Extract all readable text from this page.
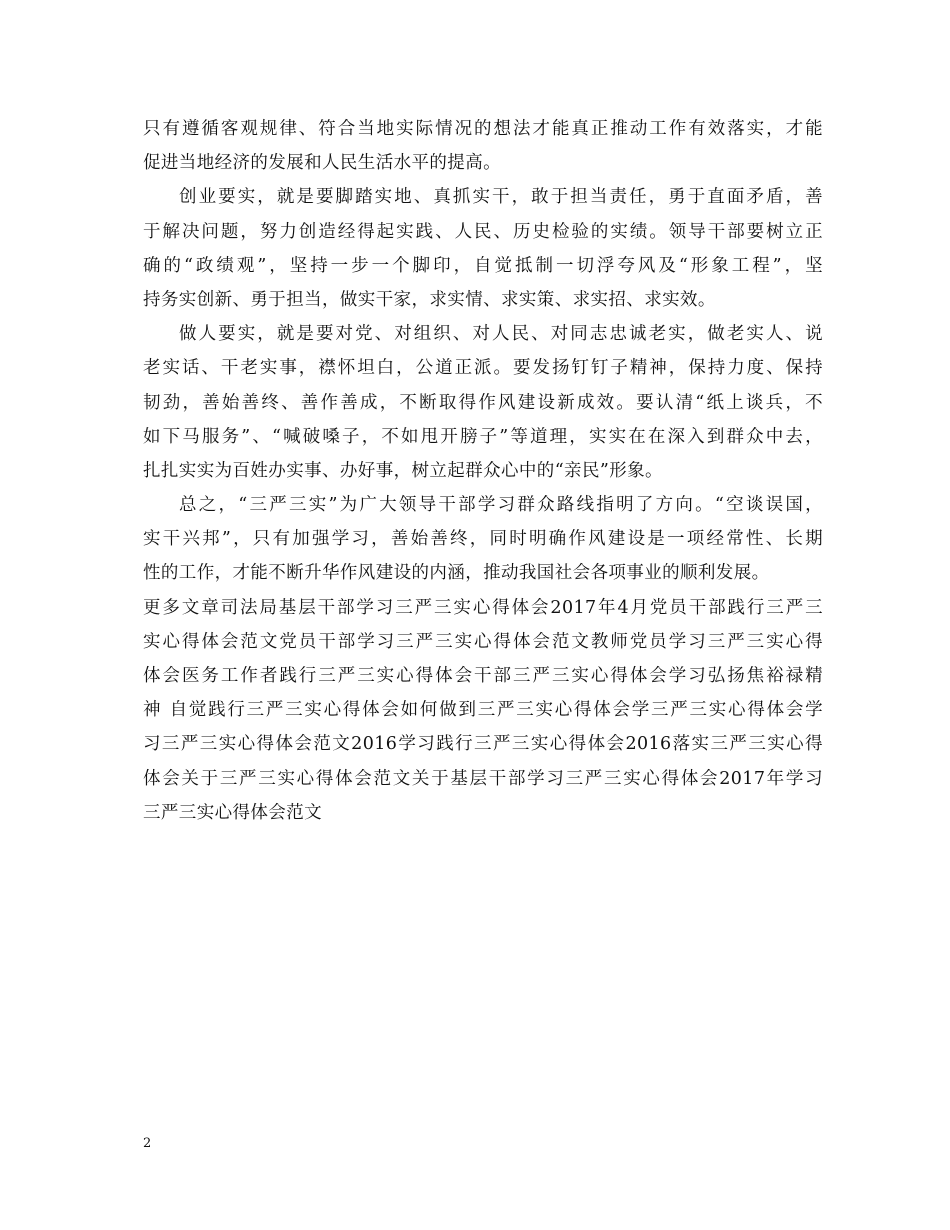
只有遵循客观规律、符合当地实际情况的想法才能真正推动工作有效落实，才能
促进当地经济的发展和人民生活水平的提高。
创业要实，就是要脚踏实地、真抓实干，敢于担当责任，勇于直面矛盾，善
于解决问题，努力创造经得起实践、人民、历史检验的实绩。领导干部要树立正
确的“政绩观”，坚持一步一个脚印，自觉抵制一切浮夸风及“形象工程”，坚
持务实创新、勇于担当，做实干家，求实情、求实策、求实招、求实效。
做人要实，就是要对党、对组织、对人民、对同志忠诚老实，做老实人、说
老实话、干老实事，襟怀坦白，公道正派。要发扬钉钉子精神，保持力度、保持
韧劲，善始善终、善作善成，不断取得作风建设新成效。要认清“纸上谈兵，不
如下马服务”、“喊破嗓子，不如甩开膀子”等道理，实实在在深入到群众中去，
扎扎实实为百姓办实事、办好事，树立起群众心中的“亲民”形象。
总之，“三严三实”为广大领导干部学习群众路线指明了方向。“空谈误国，
实干兴邦”，只有加强学习，善始善终，同时明确作风建设是一项经常性、长期
性的工作，才能不断升华作风建设的内涵，推动我国社会各项事业的顺利发展。
更多文章司法局基层干部学习三严三实心得体会2017年4月党员干部践行三严三
实心得体会范文党员干部学习三严三实心得体会范文教师党员学习三严三实心得
体会医务工作者践行三严三实心得体会干部三严三实心得体会学习弘扬焦裕禄精
神 自觉践行三严三实心得体会如何做到三严三实心得体会学三严三实心得体会学
习三严三实心得体会范文2016学习践行三严三实心得体会2016落实三严三实心得
体会关于三严三实心得体会范文关于基层干部学习三严三实心得体会2017年学习
三严三实心得体会范文
2
